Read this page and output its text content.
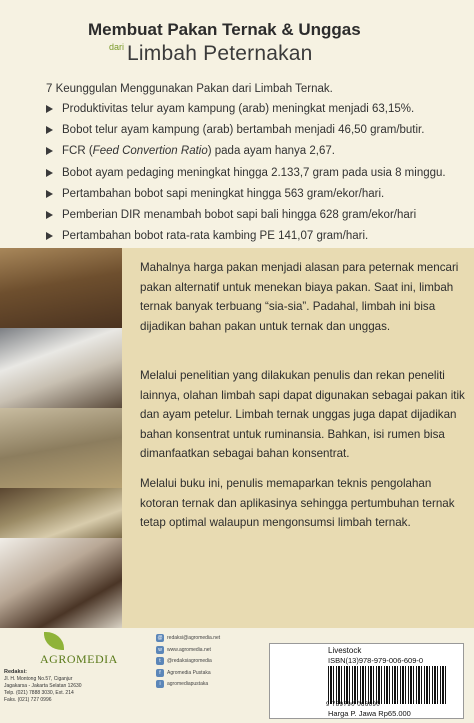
Membuat Pakan Ternak & Unggas
$^{dari}$ Limbah Peternakan
7 Keunggulan Menggunakan Pakan dari Limbah Ternak.
Produktivitas telur ayam kampung (arab) meningkat menjadi 63,15%.
Bobot telur ayam kampung (arab) bertambah menjadi 46,50 gram/butir.
FCR (Feed Convertion Ratio) pada ayam hanya 2,67.
Bobot ayam pedaging meningkat hingga 2.133,7 gram pada usia 8 minggu.
Pertambahan bobot sapi meningkat hingga 563 gram/ekor/hari.
Pemberian DIR menambah bobot sapi bali hingga 628 gram/ekor/hari
Pertambahan bobot rata-rata kambing PE 141,07 gram/hari.

Mahalnya harga pakan menjadi alasan para peternak mencari pakan alternatif untuk menekan biaya pakan. Saat ini, limbah ternak banyak terbuang “sia-sia”. Padahal, limbah ini bisa dijadikan bahan pakan untuk ternak dan unggas.

Melalui penelitian yang dilakukan penulis dan rekan peneliti lainnya, olahan limbah sapi dapat digunakan sebagai pakan itik dan ayam petelur. Limbah ternak unggas juga dapat dijadikan bahan konsentrat untuk ruminansia. Bahkan, isi rumen bisa dimanfaatkan sebagai bahan konsentrat.

Melalui buku ini, penulis memaparkan teknis pengolahan kotoran ternak dan aplikasinya sehingga pertumbuhan ternak tetap optimal walaupun mengonsumsi limbah ternak.

AGROMEDIA
Redaksi:
Jl. H. Montong No.57, Ciganjur
Jagakarsa - Jakarta Selatan 12630
Telp. (021) 7888 3030, Ext. 214
Faks. (021) 727 0996
@ redaksi@agromedia.net
w	www.agromedia.net
t	@redaksiagromedia
f	Agromedia Pustaka
i	agromediapustaka
Livestock
ISBN(13)978-979-006-609-0
9 789790 066090
Harga P. Jawa Rp65.000
